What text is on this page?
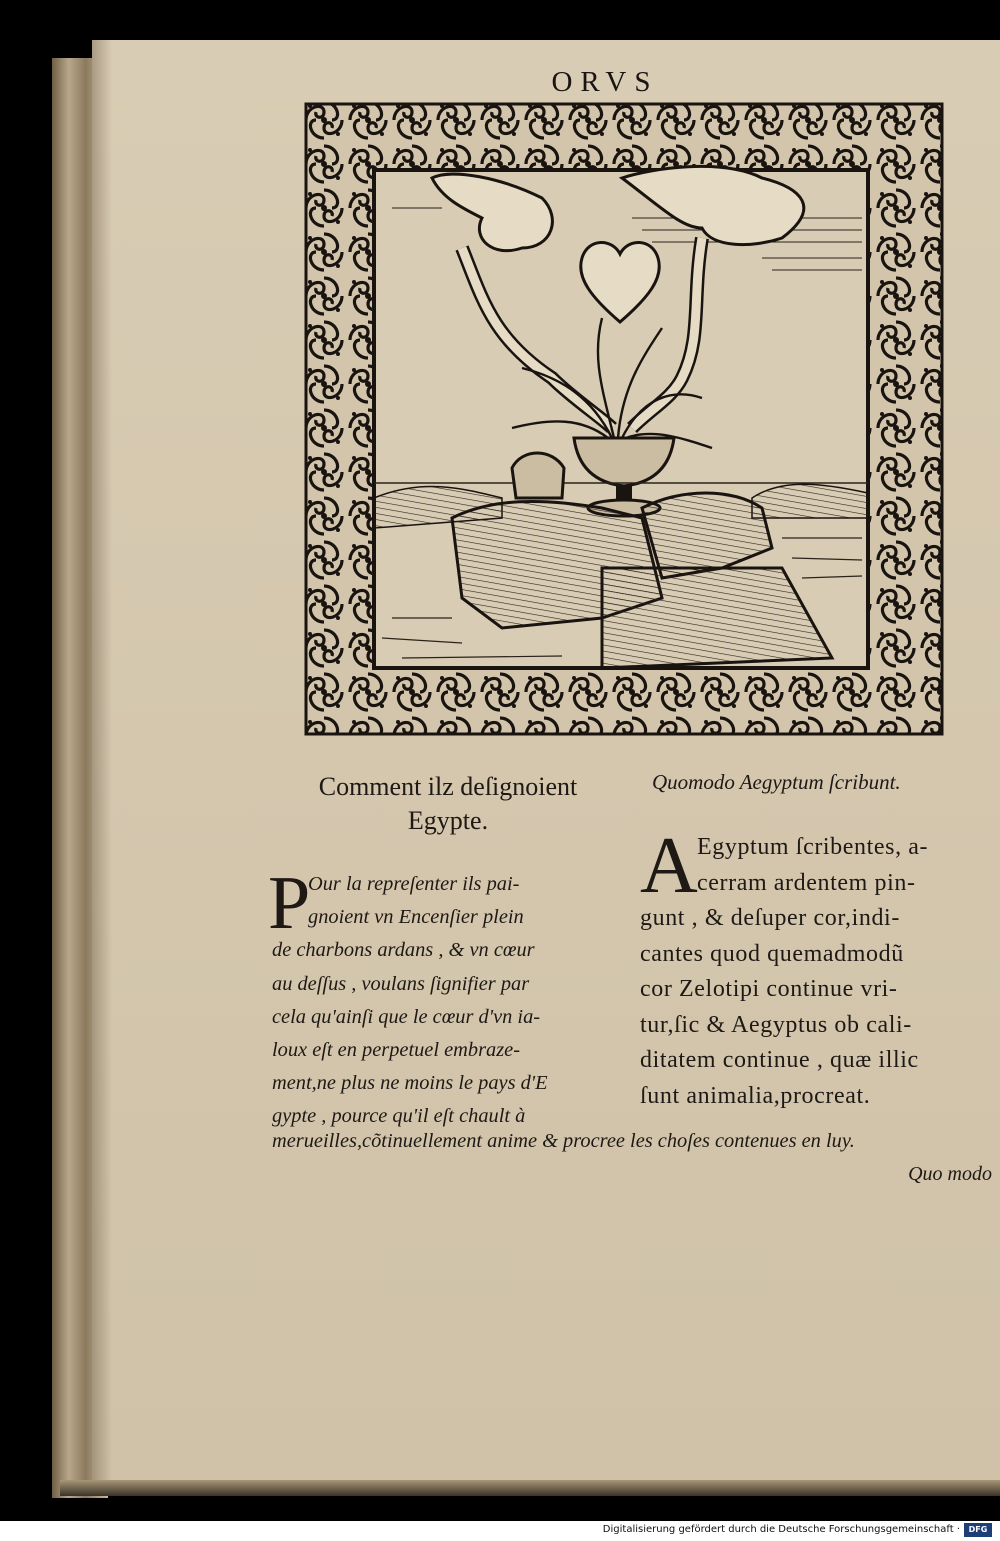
ORVS
Comment ilz deſignoient
Egypte.
Quomodo Aegyptum ſcribunt.
P
Our la repreſenter ils pai-
gnoient vn Encenſier plein
de charbons ardans , & vn cœur
au deſſus , voulans ſignifier par
cela qu'ainſi que le cœur d'vn ia-
loux eſt en perpetuel embraze-
ment,ne plus ne moins le pays d'E
gypte , pource qu'il eſt chault à
A Egyptum ſcribentes, a-
cerram ardentem pin-
gunt , & deſuper cor,indi-
cantes quod quemadmodũ
cor Zelotipi continue vri-
tur,ſic & Aegyptus ob cali-
ditatem continue , quæ illic
ſunt animalia,procreat.
merueilles,cõtinuellement anime & procree les choſes contenues en luy.
Quo modo
Digitalisierung gefördert durch die Deutsche Forschungsgemeinschaft ·	DFG
